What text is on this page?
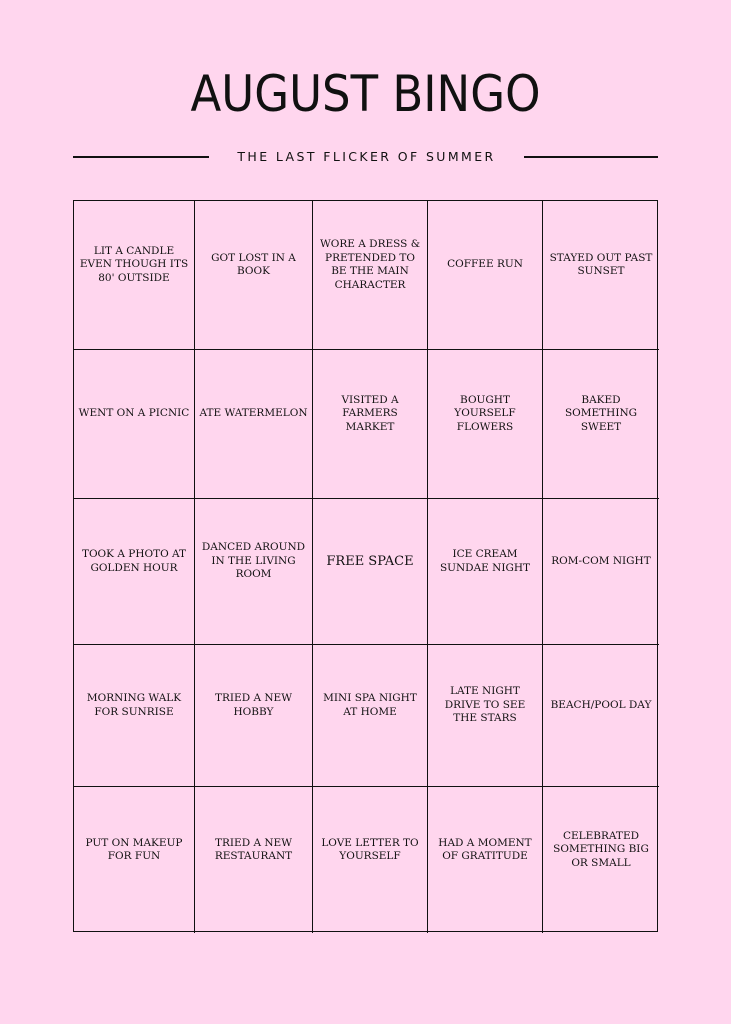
AUGUST BINGO
THE LAST FLICKER OF SUMMER
LIT A CANDLE EVEN THOUGH ITS 80' OUTSIDE
GOT LOST IN A BOOK
WORE A DRESS & PRETENDED TO BE THE MAIN CHARACTER
COFFEE RUN
STAYED OUT PAST SUNSET
WENT ON A PICNIC ATE WATERMELON
VISITED A FARMERS MARKET
BOUGHT YOURSELF FLOWERS
BAKED SOMETHING SWEET
TOOK A PHOTO AT GOLDEN HOUR
DANCED AROUND IN THE LIVING ROOM
FREE SPACE	ICE CREAM SUNDAE NIGHT
ROM-COM NIGHT
MORNING WALK FOR SUNRISE
TRIED A NEW HOBBY
MINI SPA NIGHT AT HOME
LATE NIGHT DRIVE TO SEE THE STARS
BEACH/POOL DAY
PUT ON MAKEUP FOR FUN
TRIED A NEW RESTAURANT
LOVE LETTER TO YOURSELF
HAD A MOMENT OF GRATITUDE
CELEBRATED SOMETHING BIG OR SMALL
